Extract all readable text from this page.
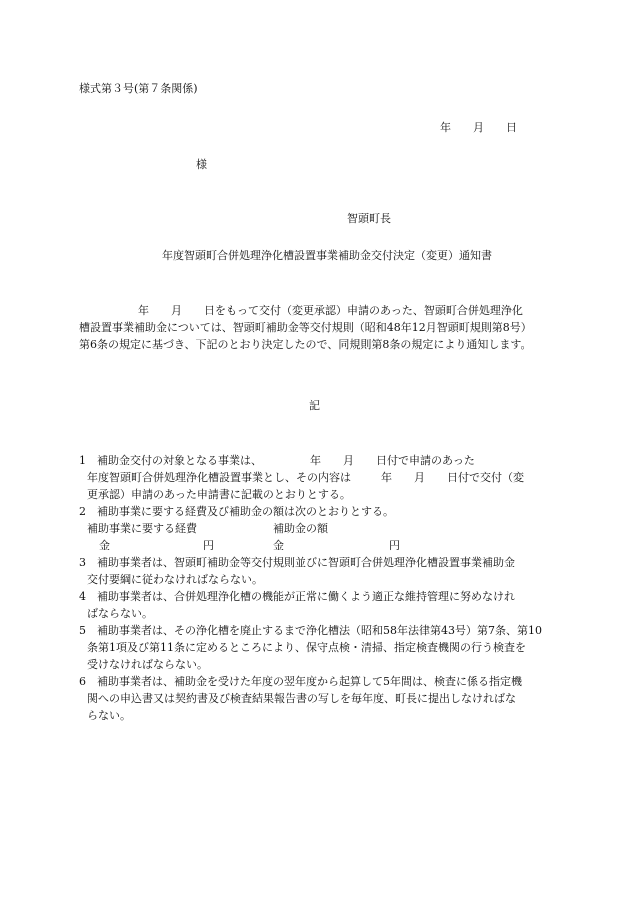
様式第３号(第７条関係)
年　　月　　日
様
智頭町長
年度智頭町合併処理浄化槽設置事業補助金交付決定（変更）通知書
年　　月　　日をもって交付（変更承認）申請のあった、智頭町合併処理浄化
槽設置事業補助金については、智頭町補助金等交付規則（昭和48年12月智頭町規則第8号）
第6条の規定に基づき、下記のとおり決定したので、同規則第8条の規定により通知します。
記
1　補助金交付の対象となる事業は、	年　　月　　日付で申請のあった
年度智頭町合併処理浄化槽設置事業とし、その内容は	年　　月　　日付で交付（変
更承認）申請のあった申請書に記載のとおりとする。
2　補助事業に要する経費及び補助金の額は次のとおりとする。
補助事業に要する経費	補助金の額
金	円	金	円
3　補助事業者は、智頭町補助金等交付規則並びに智頭町合併処理浄化槽設置事業補助金
交付要綱に従わなければならない。
4　補助事業者は、合併処理浄化槽の機能が正常に働くよう適正な維持管理に努めなけれ
ばならない。
5　補助事業者は、その浄化槽を廃止するまで浄化槽法（昭和58年法律第43号）第7条、第10
条第1項及び第11条に定めるところにより、保守点検・清掃、指定検査機関の行う検査を
受けなければならない。
6　補助事業者は、補助金を受けた年度の翌年度から起算して5年間は、検査に係る指定機
関への申込書又は契約書及び検査結果報告書の写しを毎年度、町長に提出しなければな
らない。
